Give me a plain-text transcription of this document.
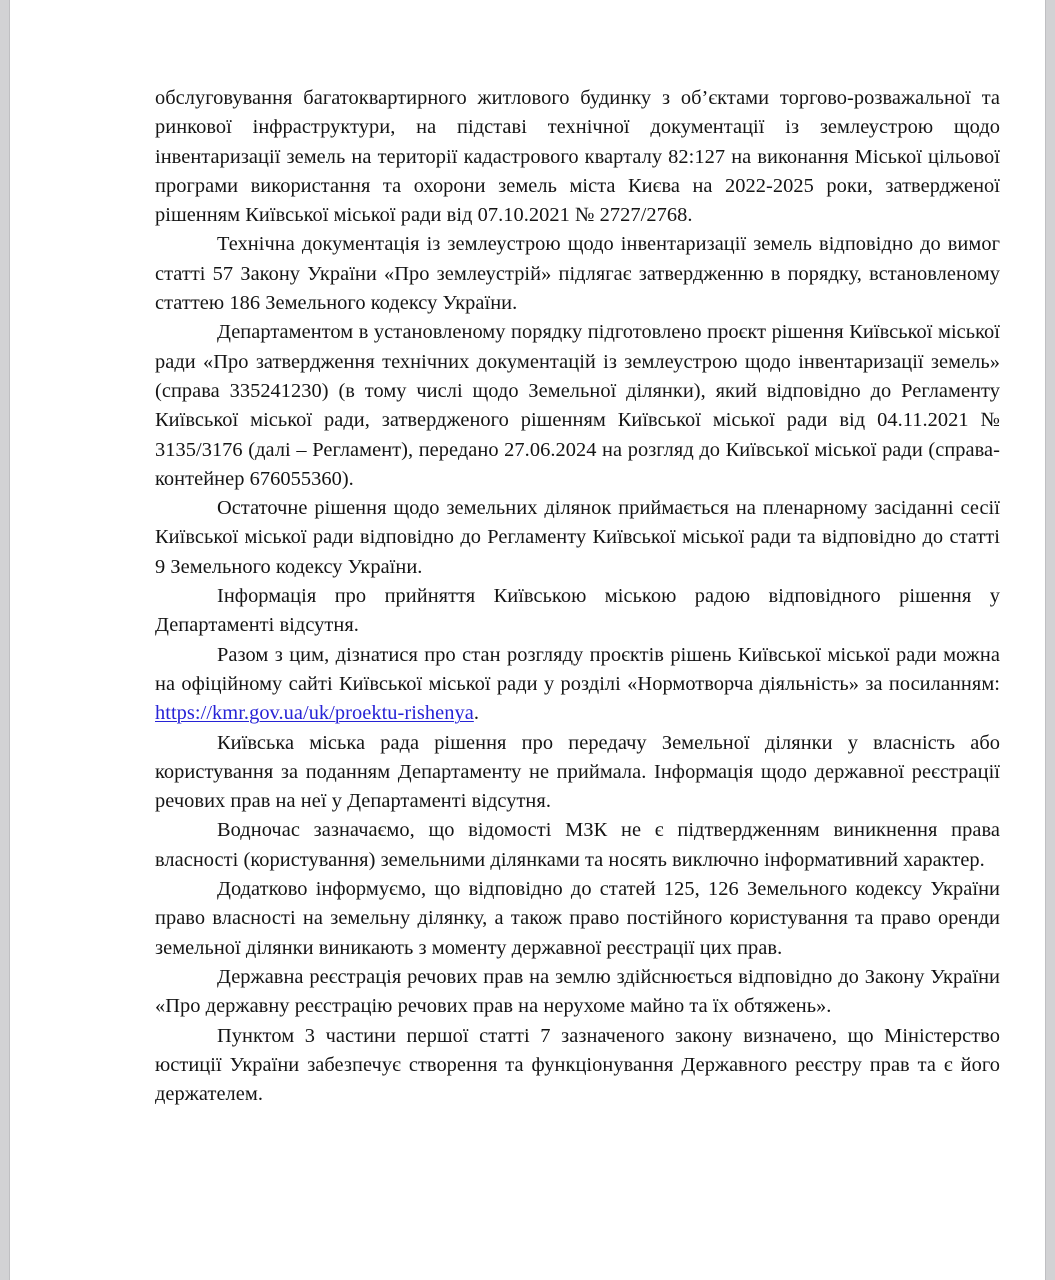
обслуговування багатоквартирного житлового будинку з об’єктами торгово-розважальної та ринкової інфраструктури, на підставі технічної документації із землеустрою щодо інвентаризації земель на території кадастрового кварталу 82:127 на виконання Міської цільової програми використання та охорони земель міста Києва на 2022-2025 роки, затвердженої рішенням Київської міської ради від 07.10.2021 № 2727/2768.

Технічна документація із землеустрою щодо інвентаризації земель відповідно до вимог статті 57 Закону України «Про землеустрій» підлягає затвердженню в порядку, встановленому статтею 186 Земельного кодексу України.

Департаментом в установленому порядку підготовлено проєкт рішення Київської міської ради «Про затвердження технічних документацій із землеустрою щодо інвентаризації земель» (справа 335241230) (в тому числі щодо Земельної ділянки), який відповідно до Регламенту Київської міської ради, затвердженого рішенням Київської міської ради від 04.11.2021 № 3135/3176 (далі – Регламент), передано 27.06.2024 на розгляд до Київської міської ради (справа-контейнер 676055360).

Остаточне рішення щодо земельних ділянок приймається на пленарному засіданні сесії Київської міської ради відповідно до Регламенту Київської міської ради та відповідно до статті 9 Земельного кодексу України.

Інформація про прийняття Київською міською радою відповідного рішення у Департаменті відсутня.

Разом з цим, дізнатися про стан розгляду проєктів рішень Київської міської ради можна на офіційному сайті Київської міської ради у розділі «Нормотворча діяльність» за посиланням: https://kmr.gov.ua/uk/proektu-rishenya.

Київська міська рада рішення про передачу Земельної ділянки у власність або користування за поданням Департаменту не приймала. Інформація щодо державної реєстрації речових прав на неї у Департаменті відсутня.

Водночас зазначаємо, що відомості МЗК не є підтвердженням виникнення права власності (користування) земельними ділянками та носять виключно інформативний характер.

Додатково інформуємо, що відповідно до статей 125, 126 Земельного кодексу України право власності на земельну ділянку, а також право постійного користування та право оренди земельної ділянки виникають з моменту державної реєстрації цих прав.

Державна реєстрація речових прав на землю здійснюється відповідно до Закону України «Про державну реєстрацію речових прав на нерухоме майно та їх обтяжень».

Пунктом 3 частини першої статті 7 зазначеного закону визначено, що Міністерство юстиції України забезпечує створення та функціонування Державного реєстру прав та є його держателем.
